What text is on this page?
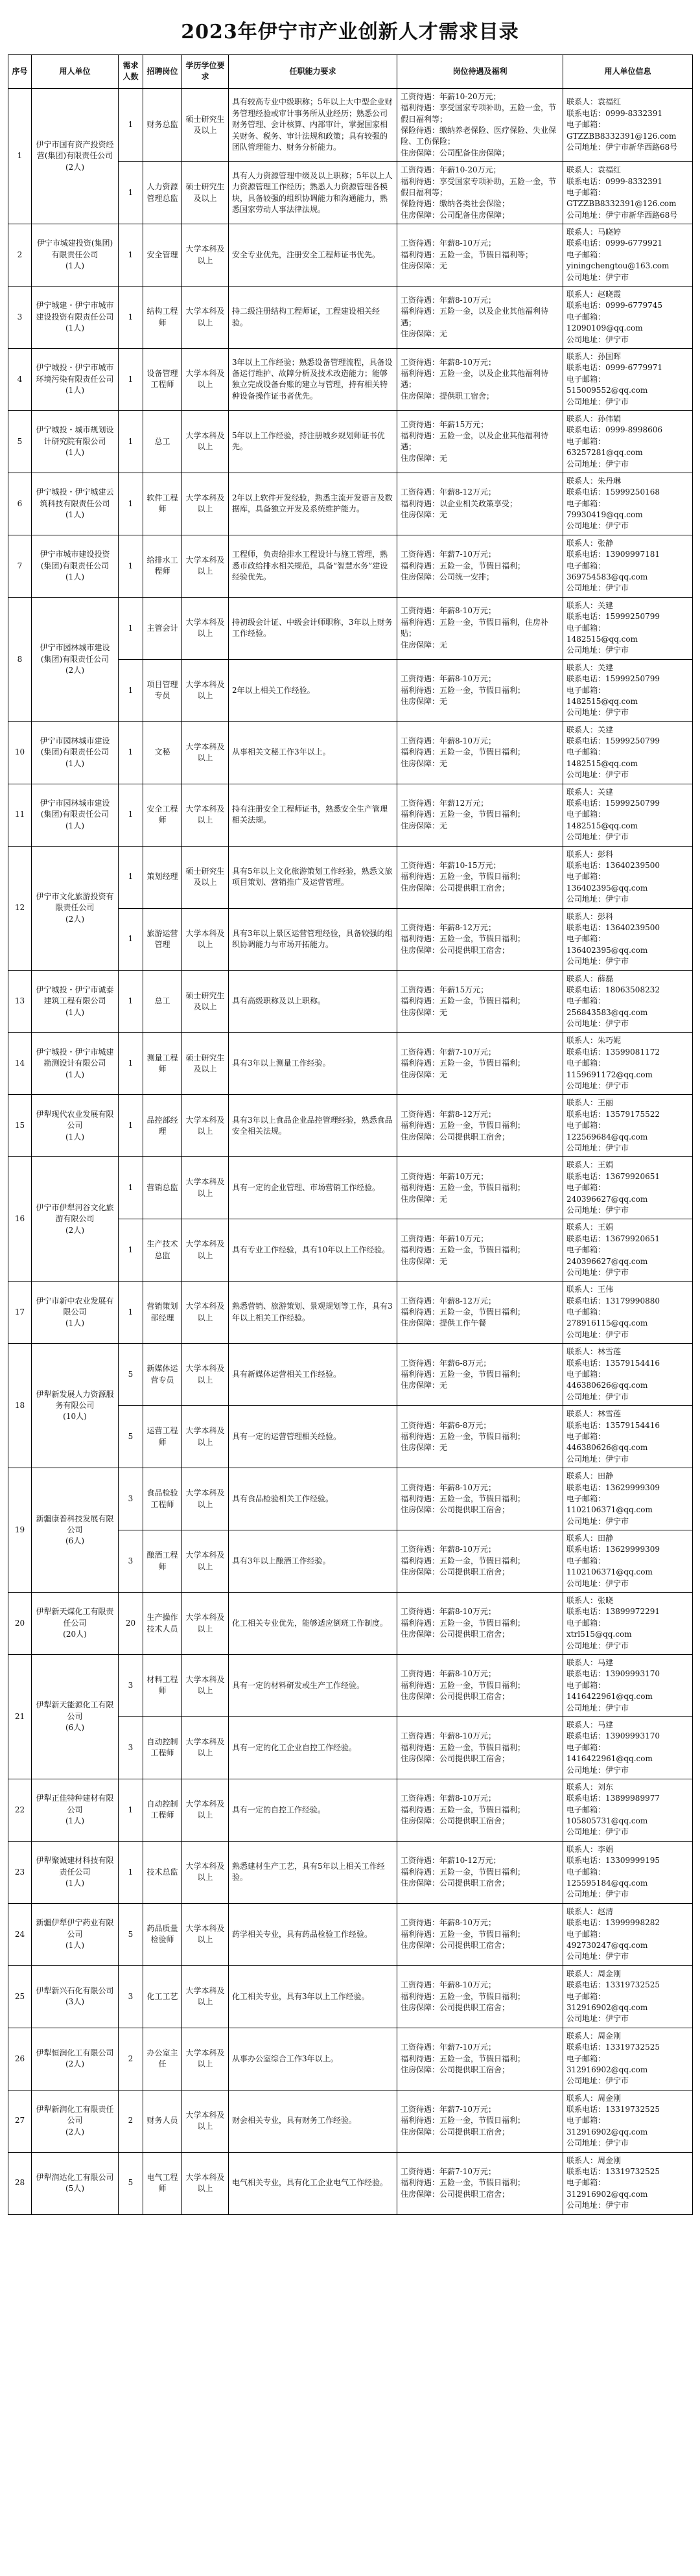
2023年伊宁市产业创新人才需求目录
序号	用人单位	需求人数	招聘岗位	学历学位要求	任职能力要求	岗位待遇及福利	用人单位信息
1	伊宁市国有资产投资经营(集团)有限责任公司
(2人)	1	财务总监	硕士研究生及以上	具有较高专业中级职称；5年以上大中型企业财务管理经验或审计事务所从业经历；熟悉公司财务管理、会计核算、内部审计，掌握国家相关财务、税务、审计法规和政策；具有较强的团队管理能力、财务分析能力。	工资待遇：年薪10-20万元；
福利待遇：享受国家专项补助，五险一金，节假日福利等；
保险待遇：缴纳养老保险、医疗保险、失业保险、工伤保险；
住房保障：公司配备住房保障；	联系人：袁福红
联系电话：0999-8332391
电子邮箱：
GTZZBB8332391@126.com
公司地址：伊宁市新华西路68号
		1	人力资源管理总监	硕士研究生及以上	具有人力资源管理中级及以上职称；5年以上人力资源管理工作经历；熟悉人力资源管理各模块，具备较强的组织协调能力和沟通能力，熟悉国家劳动人事法律法规。	工资待遇：年薪10-20万元；
福利待遇：享受国家专项补助，五险一金，节假日福利等；
保险待遇：缴纳各类社会保险；
住房保障：公司配备住房保障；	联系人：袁福红
联系电话：0999-8332391
电子邮箱：
GTZZBB8332391@126.com
公司地址：伊宁市新华西路68号
2	伊宁市城建投资(集团)有限责任公司
(1人)	1	安全管理	大学本科及以上	安全专业优先，注册安全工程师证书优先。	工资待遇：年薪8-10万元；
福利待遇：五险一金，节假日福利等；
住房保障：无	联系人：马晓婷
联系电话：0999-6779921
电子邮箱：
yiningchengtou@163.com
公司地址：伊宁市
3	伊宁城建・伊宁市城市建设投资有限责任公司
(1人)	1	结构工程师	大学本科及以上	持二级注册结构工程师证，工程建设相关经验。	工资待遇：年薪8-10万元；
福利待遇：五险一金，以及企业其他福利待遇；
住房保障：无	联系人：赵晓霞
联系电话：0999-6779745
电子邮箱：
12090109@qq.com
公司地址：伊宁市
4	伊宁城投・伊宁市城市环境污染有限责任公司
(1人)	1	设备管理工程师	大学本科及以上	3年以上工作经验；熟悉设备管理流程，具备设备运行维护、故障分析及技术改造能力；能够独立完成设备台账的建立与管理，持有相关特种设备操作证书者优先。	工资待遇：年薪8-10万元；
福利待遇：五险一金，以及企业其他福利待遇；
住房保障：提供职工宿舍；	联系人：孙国晖
联系电话：0999-6779971
电子邮箱：
515009552@qq.com
公司地址：伊宁市
5	伊宁城投・城市规划设计研究院有限公司
(1人)	1	总工	大学本科及以上	5年以上工作经验，持注册城乡规划师证书优先。	工资待遇：年薪15万元；
福利待遇：五险一金，以及企业其他福利待遇；
住房保障：无	联系人：孙伟娟
联系电话：0999-8998606
电子邮箱：
63257281@qq.com
公司地址：伊宁市
6	伊宁城投・伊宁城建云筑科技有限责任公司
(1人)	1	软件工程师	大学本科及以上	2年以上软件开发经验，熟悉主流开发语言及数据库，具备独立开发及系统维护能力。	工资待遇：年薪8-12万元；
福利待遇：以企业相关政策享受；
住房保障：无	联系人：朱丹琳
联系电话：15999250168
电子邮箱：
79930419@qq.com
公司地址：伊宁市
7	伊宁市城市建设投资(集团)有限责任公司
(1人)	1	给排水工程师	大学本科及以上	工程师，负责给排水工程设计与施工管理，熟悉市政给排水相关规范，具备“智慧水务”建设经验优先。	工资待遇：年薪7-10万元；
福利待遇：五险一金，节假日福利；
住房保障：公司统一安排；	联系人：张静
联系电话：13909997181
电子邮箱：
369754583@qq.com
公司地址：伊宁市
8	伊宁市园林城市建设(集团)有限责任公司
(2人)	1	主管会计	大学本科及以上	持初级会计证、中级会计师职称，3年以上财务工作经验。	工资待遇：年薪8-10万元；
福利待遇：五险一金，节假日福利，住房补贴；
住房保障：无	联系人：关建
联系电话：15999250799
电子邮箱：
1482515@qq.com
公司地址：伊宁市
		1	项目管理专员	大学本科及以上	2年以上相关工作经验。	工资待遇：年薪8-10万元；
福利待遇：五险一金，节假日福利；
住房保障：无	联系人：关建
联系电话：15999250799
电子邮箱：
1482515@qq.com
公司地址：伊宁市
10	伊宁市园林城市建设(集团)有限责任公司
(1人)	1	文秘	大学本科及以上	从事相关文秘工作3年以上。	工资待遇：年薪8-10万元；
福利待遇：五险一金，节假日福利；
住房保障：无	联系人：关建
联系电话：15999250799
电子邮箱：
1482515@qq.com
公司地址：伊宁市
11	伊宁市园林城市建设(集团)有限责任公司
(1人)	1	安全工程师	大学本科及以上	持有注册安全工程师证书，熟悉安全生产管理相关法规。	工资待遇：年薪12万元；
福利待遇：五险一金，节假日福利；
住房保障：无	联系人：关建
联系电话：15999250799
电子邮箱：
1482515@qq.com
公司地址：伊宁市
12	伊宁市文化旅游投资有限责任公司
(2人)	1	策划经理	硕士研究生及以上	具有5年以上文化旅游策划工作经验，熟悉文旅项目策划、营销推广及运营管理。	工资待遇：年薪10-15万元；
福利待遇：五险一金，节假日福利；
住房保障：公司提供职工宿舍；	联系人：彭科
联系电话：13640239500
电子邮箱：
136402395@qq.com
公司地址：伊宁市
		1	旅游运营管理	大学本科及以上	具有3年以上景区运营管理经验，具备较强的组织协调能力与市场开拓能力。	工资待遇：年薪8-12万元；
福利待遇：五险一金，节假日福利；
住房保障：公司提供职工宿舍；	联系人：彭科
联系电话：13640239500
电子邮箱：
136402395@qq.com
公司地址：伊宁市
13	伊宁城投・伊宁市诚泰建筑工程有限公司
(1人)	1	总工	硕士研究生及以上	具有高级职称及以上职称。	工资待遇：年薪15万元；
福利待遇：五险一金，节假日福利；
住房保障：无	联系人：薛磊
联系电话：18063508232
电子邮箱：
256843583@qq.com
公司地址：伊宁市
14	伊宁城投・伊宁市城建勘测设计有限公司
(1人)	1	测量工程师	硕士研究生及以上	具有3年以上测量工作经验。	工资待遇：年薪7-10万元；
福利待遇：五险一金，节假日福利；
住房保障：无	联系人：朱巧妮
联系电话：13599081172
电子邮箱：
1159691172@qq.com
公司地址：伊宁市
15	伊犁现代农业发展有限公司
(1人)	1	品控部经理	大学本科及以上	具有3年以上食品企业品控管理经验，熟悉食品安全相关法规。	工资待遇：年薪8-12万元；
福利待遇：五险一金，节假日福利；
住房保障：公司提供职工宿舍；	联系人：王丽
联系电话：13579175522
电子邮箱：
122569684@qq.com
公司地址：伊宁市
16	伊宁市伊犁河谷文化旅游有限公司
(2人)	1	营销总监	大学本科及以上	具有一定的企业管理、市场营销工作经验。	工资待遇：年薪10万元；
福利待遇：五险一金，节假日福利；
住房保障：无	联系人：王娟
联系电话：13679920651
电子邮箱：
240396627@qq.com
公司地址：伊宁市
		1	生产技术总监	大学本科及以上	具有专业工作经验，具有10年以上工作经验。	工资待遇：年薪10万元；
福利待遇：五险一金，节假日福利；
住房保障：无	联系人：王娟
联系电话：13679920651
电子邮箱：
240396627@qq.com
公司地址：伊宁市
17	伊宁市新中农业发展有限公司
(1人)	1	营销策划部经理	大学本科及以上	熟悉营销、旅游策划、景观规划等工作，具有3年以上相关工作经验。	工资待遇：年薪8-12万元；
福利待遇：五险一金，节假日福利；
住房保障：提供工作午餐	联系人：王伟
联系电话：13179990880
电子邮箱：
278916115@qq.com
公司地址：伊宁市
18	伊犁新发展人力资源服务有限公司
(10人)	5	新媒体运营专员	大学本科及以上	具有新媒体运营相关工作经验。	工资待遇：年薪6-8万元；
福利待遇：五险一金，节假日福利；
住房保障：无	联系人：林雪莲
联系电话：13579154416
电子邮箱：
446380626@qq.com
公司地址：伊宁市
		5	运营工程师	大学本科及以上	具有一定的运营管理相关经验。	工资待遇：年薪6-8万元；
福利待遇：五险一金，节假日福利；
住房保障：无	联系人：林雪莲
联系电话：13579154416
电子邮箱：
446380626@qq.com
公司地址：伊宁市
19	新疆康普科技发展有限公司
(6人)	3	食品检验工程师	大学本科及以上	具有食品检验相关工作经验。	工资待遇：年薪8-10万元；
福利待遇：五险一金，节假日福利；
住房保障：公司提供职工宿舍；	联系人：田静
联系电话：13629999309
电子邮箱：
1102106371@qq.com
公司地址：伊宁市
		3	酿酒工程师	大学本科及以上	具有3年以上酿酒工作经验。	工资待遇：年薪8-10万元；
福利待遇：五险一金，节假日福利；
住房保障：公司提供职工宿舍；	联系人：田静
联系电话：13629999309
电子邮箱：
1102106371@qq.com
公司地址：伊宁市
20	伊犁新天煤化工有限责任公司
(20人)	20	生产操作技术人员	大学本科及以上	化工相关专业优先，能够适应倒班工作制度。	工资待遇：年薪8-10万元；
福利待遇：五险一金，节假日福利；
住房保障：公司提供职工宿舍；	联系人：张晓
联系电话：13899972291
电子邮箱：
xtrl515@qq.com
公司地址：伊宁市
21	伊犁新天能源化工有限公司
(6人)	3	材料工程师	大学本科及以上	具有一定的材料研发或生产工作经验。	工资待遇：年薪8-10万元；
福利待遇：五险一金，节假日福利；
住房保障：公司提供职工宿舍；	联系人：马建
联系电话：13909993170
电子邮箱：
1416422961@qq.com
公司地址：伊宁市
		3	自动控制工程师	大学本科及以上	具有一定的化工企业自控工作经验。	工资待遇：年薪8-10万元；
福利待遇：五险一金，节假日福利；
住房保障：公司提供职工宿舍；	联系人：马建
联系电话：13909993170
电子邮箱：
1416422961@qq.com
公司地址：伊宁市
22	伊犁正佳特种建材有限公司
(1人)	1	自动控制工程师	大学本科及以上	具有一定的自控工作经验。	工资待遇：年薪8-10万元；
福利待遇：五险一金，节假日福利；
住房保障：公司提供职工宿舍；	联系人：刘东
联系电话：13899989977
电子邮箱：
105805731@qq.com
公司地址：伊宁市
23	伊犁聚诚建材科技有限责任公司
(1人)	1	技术总监	大学本科及以上	熟悉建材生产工艺，具有5年以上相关工作经验。	工资待遇：年薪10-12万元；
福利待遇：五险一金，节假日福利；
住房保障：公司提供职工宿舍；	联系人：李娟
联系电话：13309999195
电子邮箱：
125595184@qq.com
公司地址：伊宁市
24	新疆伊犁伊宁药业有限公司
(1人)	5	药品质量检验师	大学本科及以上	药学相关专业，具有药品检验工作经验。	工资待遇：年薪8-10万元；
福利待遇：五险一金，节假日福利；
住房保障：公司提供职工宿舍；	联系人：赵清
联系电话：13999998282
电子邮箱：
492730247@qq.com
公司地址：伊宁市
25	伊犁新兴石化有限公司
(3人)	3	化工工艺	大学本科及以上	化工相关专业，具有3年以上工作经验。	工资待遇：年薪8-10万元；
福利待遇：五险一金，节假日福利；
住房保障：公司提供职工宿舍；	联系人：周金刚
联系电话：13319732525
电子邮箱：
312916902@qq.com
公司地址：伊宁市
26	伊犁恒润化工有限公司
(2人)	2	办公室主任	大学本科及以上	从事办公室综合工作3年以上。	工资待遇：年薪7-10万元；
福利待遇：五险一金，节假日福利；
住房保障：公司提供职工宿舍；	联系人：周金刚
联系电话：13319732525
电子邮箱：
312916902@qq.com
公司地址：伊宁市
27	伊犁新润化工有限责任公司
(2人)	2	财务人员	大学本科及以上	财会相关专业，具有财务工作经验。	工资待遇：年薪7-10万元；
福利待遇：五险一金，节假日福利；
住房保障：公司提供职工宿舍；	联系人：周金刚
联系电话：13319732525
电子邮箱：
312916902@qq.com
公司地址：伊宁市
28	伊犁润达化工有限公司
(5人)	5	电气工程师	大学本科及以上	电气相关专业，具有化工企业电气工作经验。	工资待遇：年薪7-10万元；
福利待遇：五险一金，节假日福利；
住房保障：公司提供职工宿舍；	联系人：周金刚
联系电话：13319732525
电子邮箱：
312916902@qq.com
公司地址：伊宁市
